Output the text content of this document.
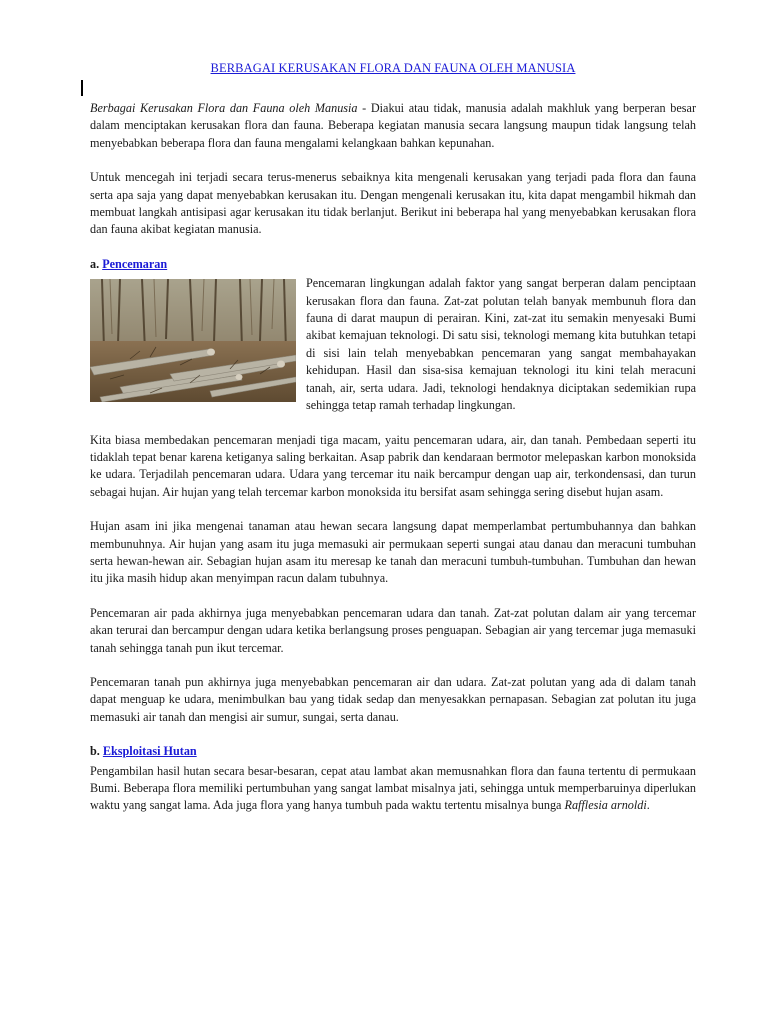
BERBAGAI KERUSAKAN FLORA DAN FAUNA OLEH MANUSIA

Berbagai Kerusakan Flora dan Fauna oleh Manusia - Diakui atau tidak, manusia adalah makhluk yang berperan besar dalam menciptakan kerusakan flora dan fauna. Beberapa kegiatan manusia secara langsung maupun tidak langsung telah menyebabkan beberapa flora dan fauna mengalami kelangkaan bahkan kepunahan.

Untuk mencegah ini terjadi secara terus-menerus sebaiknya kita mengenali kerusakan yang terjadi pada flora dan fauna serta apa saja yang dapat menyebabkan kerusakan itu. Dengan mengenali kerusakan itu, kita dapat mengambil hikmah dan membuat langkah antisipasi agar kerusakan itu tidak berlanjut. Berikut ini beberapa hal yang menyebabkan kerusakan flora dan fauna akibat kegiatan manusia.

a. Pencemaran

Pencemaran lingkungan adalah faktor yang sangat berperan dalam penciptaan kerusakan flora dan fauna. Zat-zat polutan telah banyak membunuh flora dan fauna di darat maupun di perairan. Kini, zat-zat itu semakin menyesaki Bumi akibat kemajuan teknologi. Di satu sisi, teknologi memang kita butuhkan tetapi di sisi lain telah menyebabkan pencemaran yang sangat membahayakan kehidupan. Hasil dan sisa-sisa kemajuan teknologi itu kini telah meracuni tanah, air, serta udara. Jadi, teknologi hendaknya diciptakan sedemikian rupa sehingga tetap ramah terhadap lingkungan.

Kita biasa membedakan pencemaran menjadi tiga macam, yaitu pencemaran udara, air, dan tanah. Pembedaan seperti itu tidaklah tepat benar karena ketiganya saling berkaitan. Asap pabrik dan kendaraan bermotor melepaskan karbon monoksida ke udara. Terjadilah pencemaran udara. Udara yang tercemar itu naik bercampur dengan uap air, terkondensasi, dan turun sebagai hujan. Air hujan yang telah tercemar karbon monoksida itu bersifat asam sehingga sering disebut hujan asam.

Hujan asam ini jika mengenai tanaman atau hewan secara langsung dapat memperlambat pertumbuhannya dan bahkan membunuhnya. Air hujan yang asam itu juga memasuki air permukaan seperti sungai atau danau dan meracuni tumbuhan serta hewan-hewan air. Sebagian hujan asam itu meresap ke tanah dan meracuni tumbuh-tumbuhan. Tumbuhan dan hewan itu jika masih hidup akan menyimpan racun dalam tubuhnya.

Pencemaran air pada akhirnya juga menyebabkan pencemaran udara dan tanah. Zat-zat polutan dalam air yang tercemar akan terurai dan bercampur dengan udara ketika berlangsung proses penguapan. Sebagian air yang tercemar juga memasuki tanah sehingga tanah pun ikut tercemar.

Pencemaran tanah pun akhirnya juga menyebabkan pencemaran air dan udara. Zat-zat polutan yang ada di dalam tanah dapat menguap ke udara, menimbulkan bau yang tidak sedap dan menyesakkan pernapasan. Sebagian zat polutan itu juga memasuki air tanah dan mengisi air sumur, sungai, serta danau.

b. Eksploitasi Hutan

Pengambilan hasil hutan secara besar-besaran, cepat atau lambat akan memusnahkan flora dan fauna tertentu di permukaan Bumi. Beberapa flora memiliki pertumbuhan yang sangat lambat misalnya jati, sehingga untuk memperbaruinya diperlukan waktu yang sangat lama. Ada juga flora yang hanya tumbuh pada waktu tertentu misalnya bunga Rafflesia arnoldi.
